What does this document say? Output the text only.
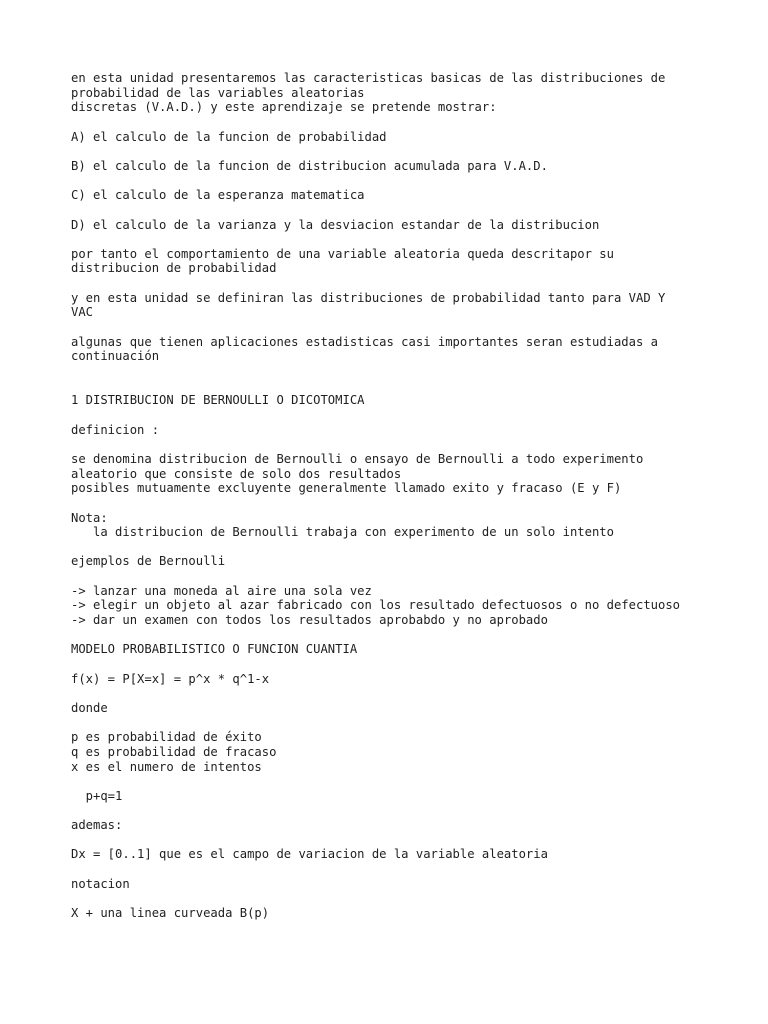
en esta unidad presentaremos las caracteristicas basicas de las distribuciones de
probabilidad de las variables aleatorias
discretas (V.A.D.) y este aprendizaje se pretende mostrar:
A) el calculo de la funcion de probabilidad
B) el calculo de la funcion de distribucion acumulada para V.A.D.
C) el calculo de la esperanza matematica
D) el calculo de la varianza y la desviacion estandar de la distribucion
por tanto el comportamiento de una variable aleatoria queda descritapor su
distribucion de probabilidad
y en esta unidad se definiran las distribuciones de probabilidad tanto para VAD Y
VAC
algunas que tienen aplicaciones estadisticas casi importantes seran estudiadas a
continuación
1 DISTRIBUCION DE BERNOULLI O DICOTOMICA
definicion :
se denomina distribucion de Bernoulli o ensayo de Bernoulli a todo experimento
aleatorio que consiste de solo dos resultados
posibles mutuamente excluyente generalmente llamado exito y fracaso (E y F)
Nota:
la distribucion de Bernoulli trabaja con experimento de un solo intento
ejemplos de Bernoulli
-> lanzar una moneda al aire una sola vez
-> elegir un objeto al azar fabricado con los resultado defectuosos o no defectuoso
-> dar un examen con todos los resultados aprobabdo y no aprobado
MODELO PROBABILISTICO O FUNCION CUANTIA
f(x) = P[X=x] = p^x * q^1-x
donde
p es probabilidad de éxito
q es probabilidad de fracaso
x es el numero de intentos
p+q=1
ademas:
Dx = [0..1] que es el campo de variacion de la variable aleatoria
notacion
X + una linea curveada B(p)
